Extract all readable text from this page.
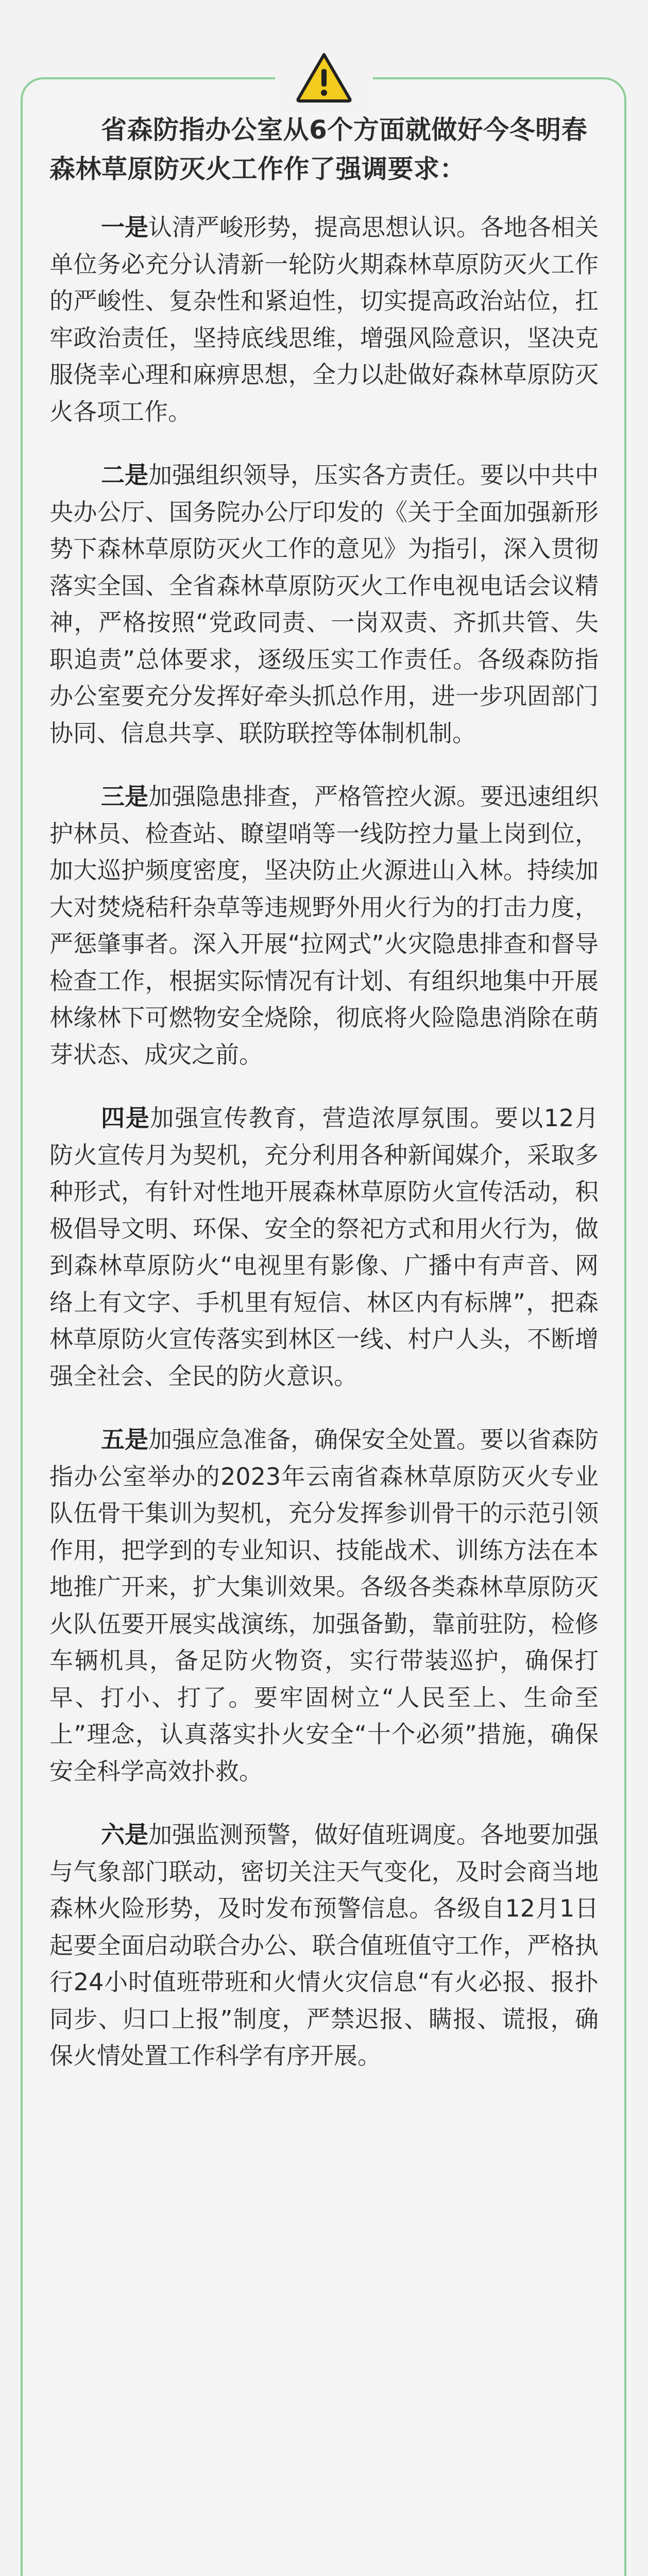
省森防指办公室从6个方面就做好今冬明春森林草原防灭火工作作了强调要求：

一是认清严峻形势，提高思想认识。各地各相关单位务必充分认清新一轮防火期森林草原防灭火工作的严峻性、复杂性和紧迫性，切实提高政治站位，扛牢政治责任，坚持底线思维，增强风险意识，坚决克服侥幸心理和麻痹思想，全力以赴做好森林草原防灭火各项工作。

二是加强组织领导，压实各方责任。要以中共中央办公厅、国务院办公厅印发的《关于全面加强新形势下森林草原防灭火工作的意见》为指引，深入贯彻落实全国、全省森林草原防灭火工作电视电话会议精神，严格按照“党政同责、一岗双责、齐抓共管、失职追责”总体要求，逐级压实工作责任。各级森防指办公室要充分发挥好牵头抓总作用，进一步巩固部门协同、信息共享、联防联控等体制机制。

三是加强隐患排查，严格管控火源。要迅速组织护林员、检查站、瞭望哨等一线防控力量上岗到位，加大巡护频度密度，坚决防止火源进山入林。持续加大对焚烧秸秆杂草等违规野外用火行为的打击力度，严惩肇事者。深入开展“拉网式”火灾隐患排查和督导检查工作，根据实际情况有计划、有组织地集中开展林缘林下可燃物安全烧除，彻底将火险隐患消除在萌芽状态、成灾之前。

四是加强宣传教育，营造浓厚氛围。要以12月防火宣传月为契机，充分利用各种新闻媒介，采取多种形式，有针对性地开展森林草原防火宣传活动，积极倡导文明、环保、安全的祭祀方式和用火行为，做到森林草原防火“电视里有影像、广播中有声音、网络上有文字、手机里有短信、林区内有标牌”，把森林草原防火宣传落实到林区一线、村户人头，不断增强全社会、全民的防火意识。

五是加强应急准备，确保安全处置。要以省森防指办公室举办的2023年云南省森林草原防灭火专业队伍骨干集训为契机，充分发挥参训骨干的示范引领作用，把学到的专业知识、技能战术、训练方法在本地推广开来，扩大集训效果。各级各类森林草原防灭火队伍要开展实战演练，加强备勤，靠前驻防，检修车辆机具，备足防火物资，实行带装巡护，确保打早、打小、打了。要牢固树立“人民至上、生命至上”理念，认真落实扑火安全“十个必须”措施，确保安全科学高效扑救。

六是加强监测预警，做好值班调度。各地要加强与气象部门联动，密切关注天气变化，及时会商当地森林火险形势，及时发布预警信息。各级自12月1日起要全面启动联合办公、联合值班值守工作，严格执行24小时值班带班和火情火灾信息“有火必报、报扑同步、归口上报”制度，严禁迟报、瞒报、谎报，确保火情处置工作科学有序开展。
